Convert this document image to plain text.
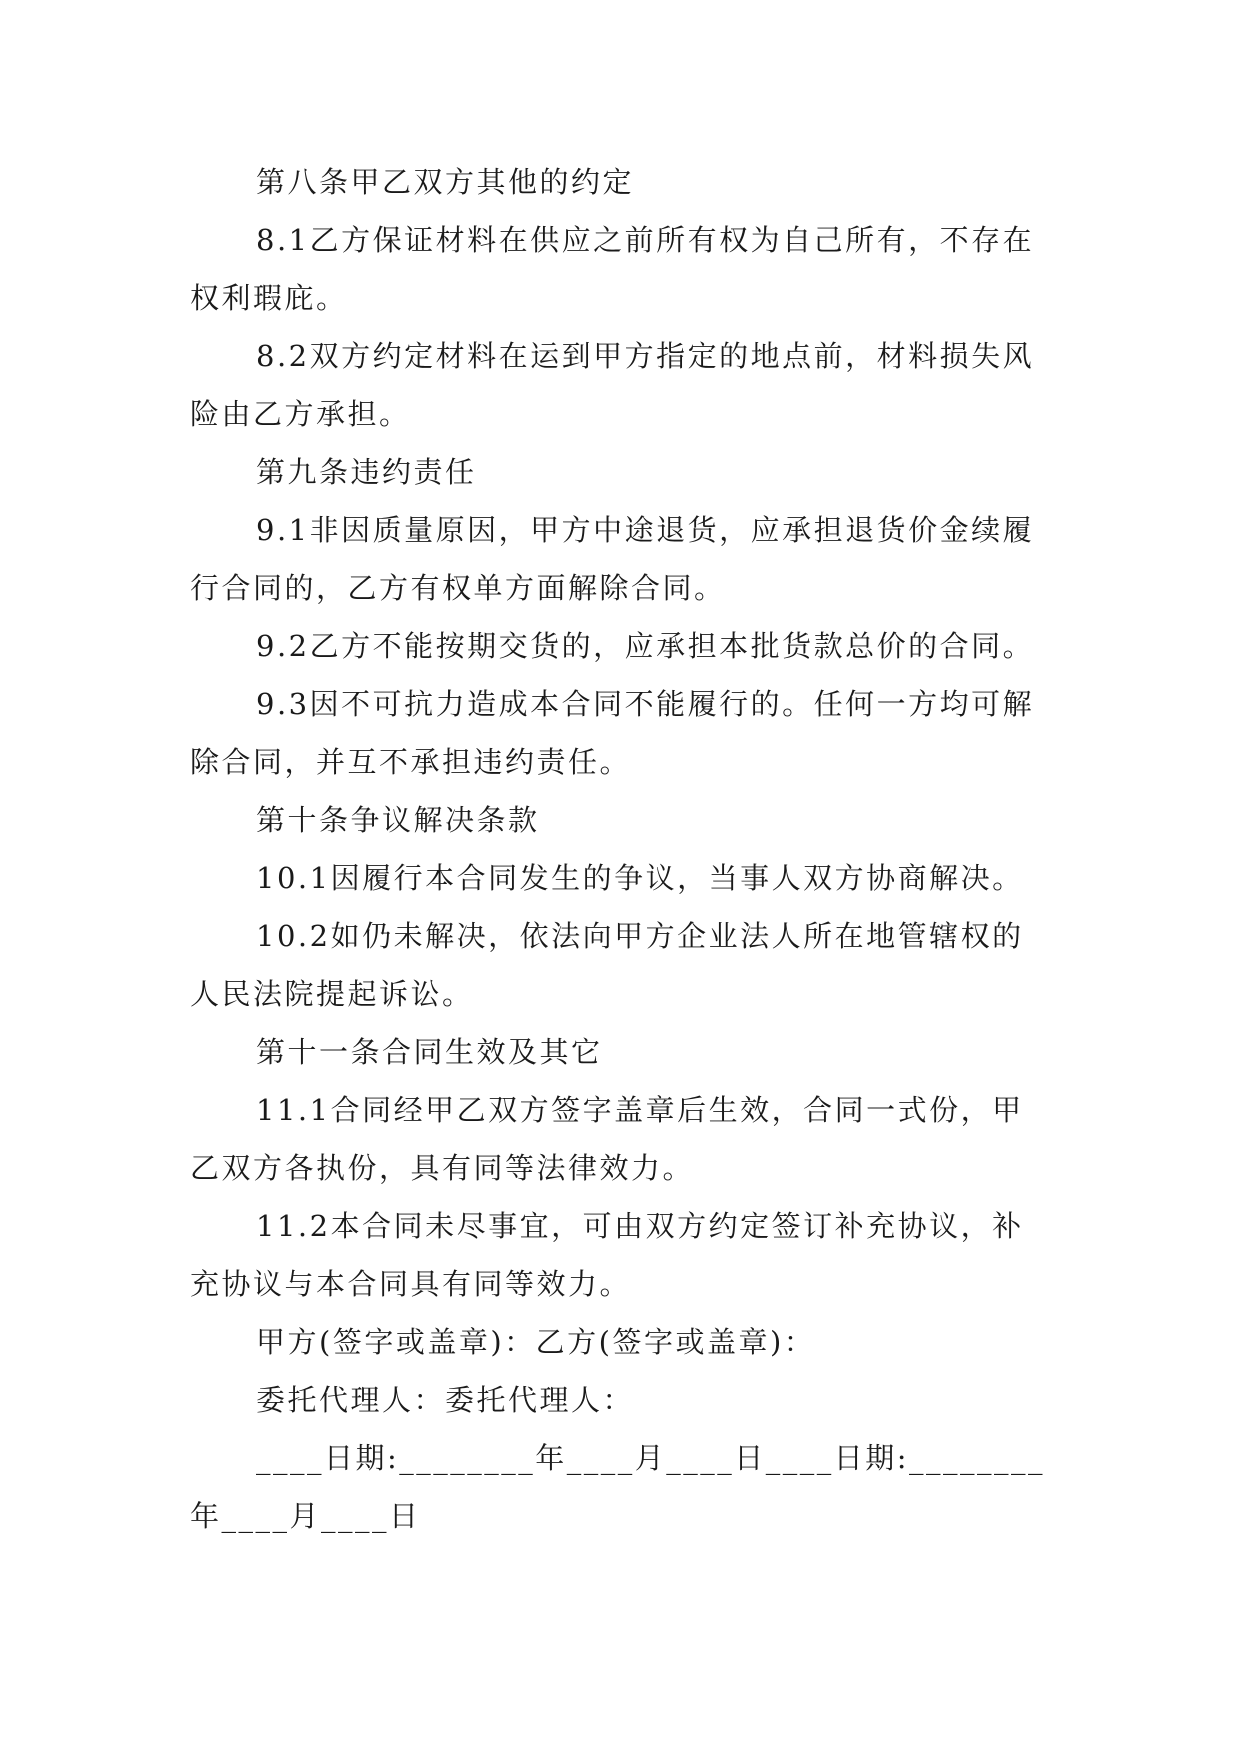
第八条甲乙双方其他的约定

8.1乙方保证材料在供应之前所有权为自己所有，不存在权利瑕庇。

8.2双方约定材料在运到甲方指定的地点前，材料损失风险由乙方承担。

第九条违约责任

9.1非因质量原因，甲方中途退货，应承担退货价金续履行合同的，乙方有权单方面解除合同。

9.2乙方不能按期交货的，应承担本批货款总价的合同。

9.3因不可抗力造成本合同不能履行的。任何一方均可解除合同，并互不承担违约责任。

第十条争议解决条款

10.1因履行本合同发生的争议，当事人双方协商解决。

10.2如仍未解决，依法向甲方企业法人所在地管辖权的人民法院提起诉讼。

第十一条合同生效及其它

11.1合同经甲乙双方签字盖章后生效，合同一式份，甲乙双方各执份，具有同等法律效力。

11.2本合同未尽事宜，可由双方约定签订补充协议，补充协议与本合同具有同等效力。

甲方(签字或盖章)：乙方(签字或盖章)：

委托代理人：委托代理人：

____日期:________年____月____日____日期:________年____月____日
